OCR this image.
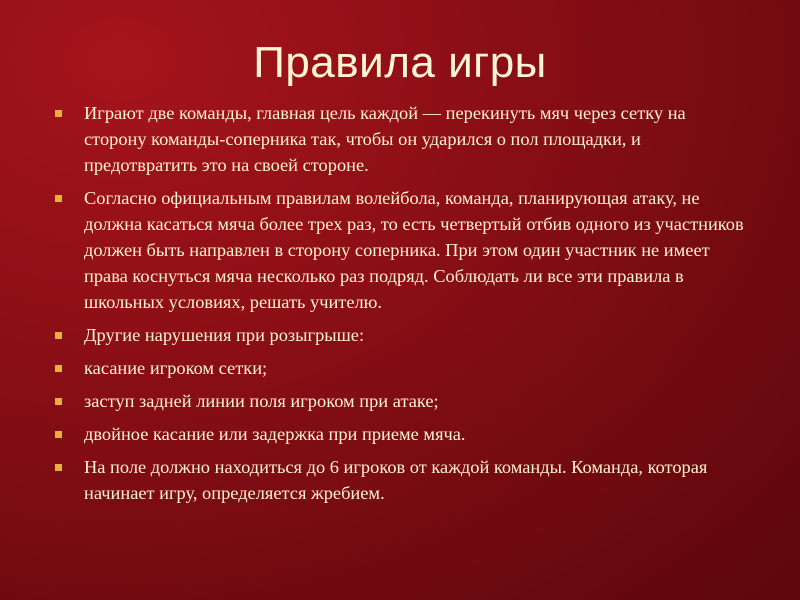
Правила игры
Играют две команды, главная цель каждой — перекинуть мяч через сетку на сторону команды-соперника так, чтобы он ударился о пол площадки, и предотвратить это на своей стороне.
Согласно официальным правилам волейбола, команда, планирующая атаку, не должна касаться мяча более трех раз, то есть четвертый отбив одного из участников должен быть направлен в сторону соперника. При этом один участник не имеет права коснуться мяча несколько раз подряд. Соблюдать ли все эти правила в школьных условиях, решать учителю.
Другие нарушения при розыгрыше:
касание игроком сетки;
заступ задней линии поля игроком при атаке;
двойное касание или задержка при приеме мяча.
На поле должно находиться до 6 игроков от каждой команды. Команда, которая начинает игру, определяется жребием.
